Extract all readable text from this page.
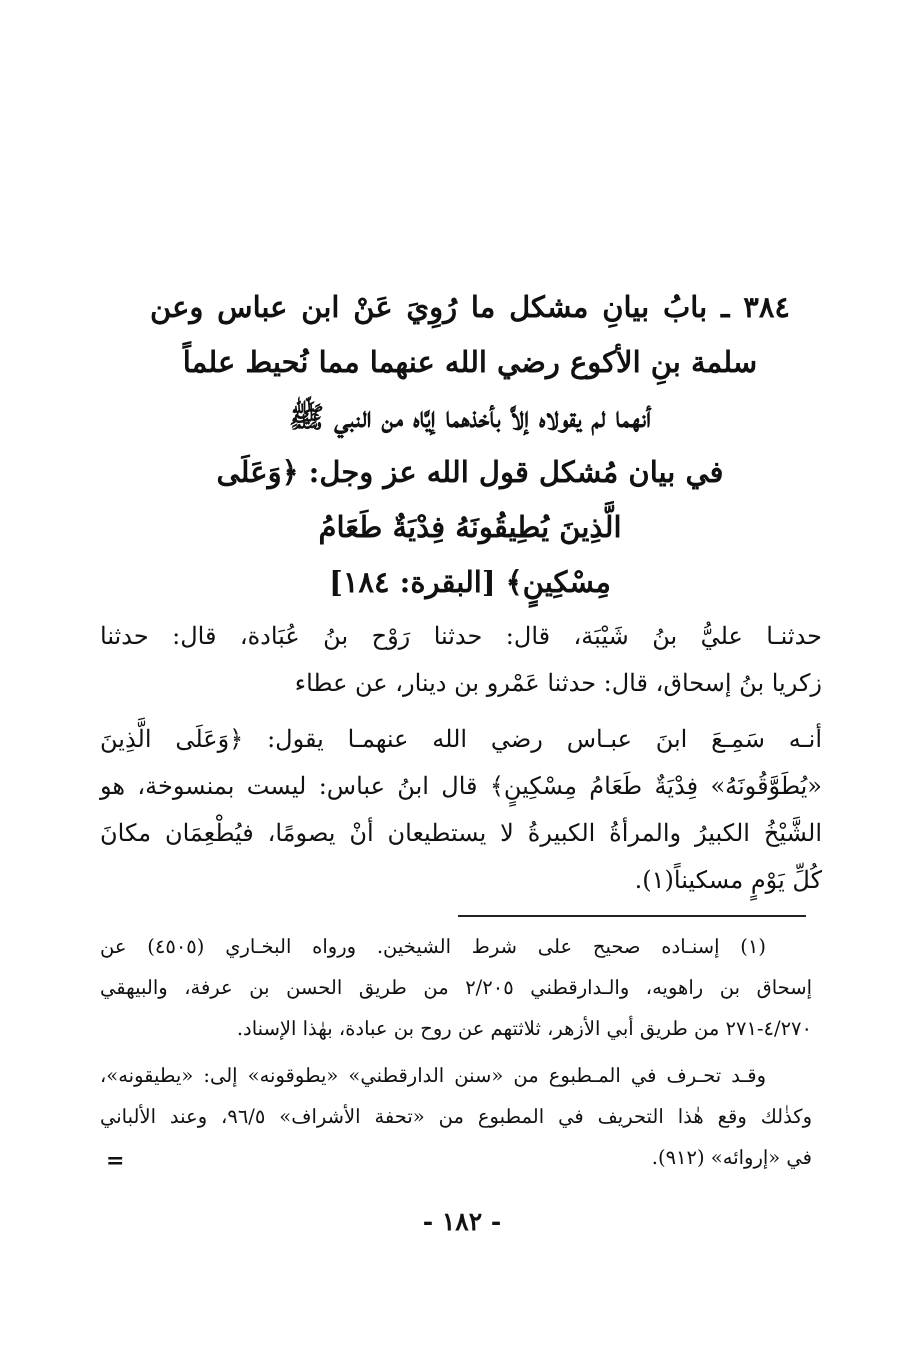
٣٨٤ ـ بابُ بيانِ مشكل ما رُوِيَ عَنْ ابن عباس وعن
سلمة بنِ الأكوع رضي الله عنهما مما نُحيط علماً
أنهما لم يقولاه إلاَّ بأخذهما إيَّاه من النبي ﷺ
في بيان مُشكل قول الله عز وجل: ﴿وَعَلَى
الَّذِينَ يُطِيقُونَهُ فِدْيَةٌ طَعَامُ
مِسْكِينٍ﴾ [البقرة: ١٨٤]
حدثنـا عليُّ بنُ شَيْبَة، قال: حدثنا رَوْح بنُ عُبَادة، قال: حدثنا
زكريا بنُ إسحاق، قال: حدثنا عَمْرو بن دينار، عن عطاء
أنـه سَمِـعَ ابنَ عبـاس رضي الله عنهمـا يقول: ﴿وَعَلَى الَّذِينَ
«يُطَوَّقُونَهُ» فِدْيَةٌ طَعَامُ مِسْكِينٍ﴾ قال ابنُ عباس: ليست بمنسوخة، هو
الشَّيْخُ الكبيرُ والمرأةُ الكبيرةُ لا يستطيعان أنْ يصومًا، فيُطْعِمَان مكانَ
كُلِّ يَوْمٍ مسكيناً(١).
(١) إسنـاده صحيح على شرط الشيخين. ورواه البخـاري (٤٥٠٥) عن
إسحاق بن راهويه، والـدارقطني ٢/٢٠٥ من طريق الحسن بن عرفة، والبيهقي
٤/٢٧٠-٢٧١ من طريق أبي الأزهر، ثلاثتهم عن روح بن عبادة، بهٰذا الإسناد.
وقـد تحـرف في المـطبوع من «سنن الدارقطني» «يطوقونه» إلى: «يطيقونه»،
وكذٰلك وقع هٰذا التحريف في المطبوع من «تحفة الأشراف» ٩٦/٥، وعند الألباني
في «إروائه» (٩١٢).
=
- ١٨٢ -
